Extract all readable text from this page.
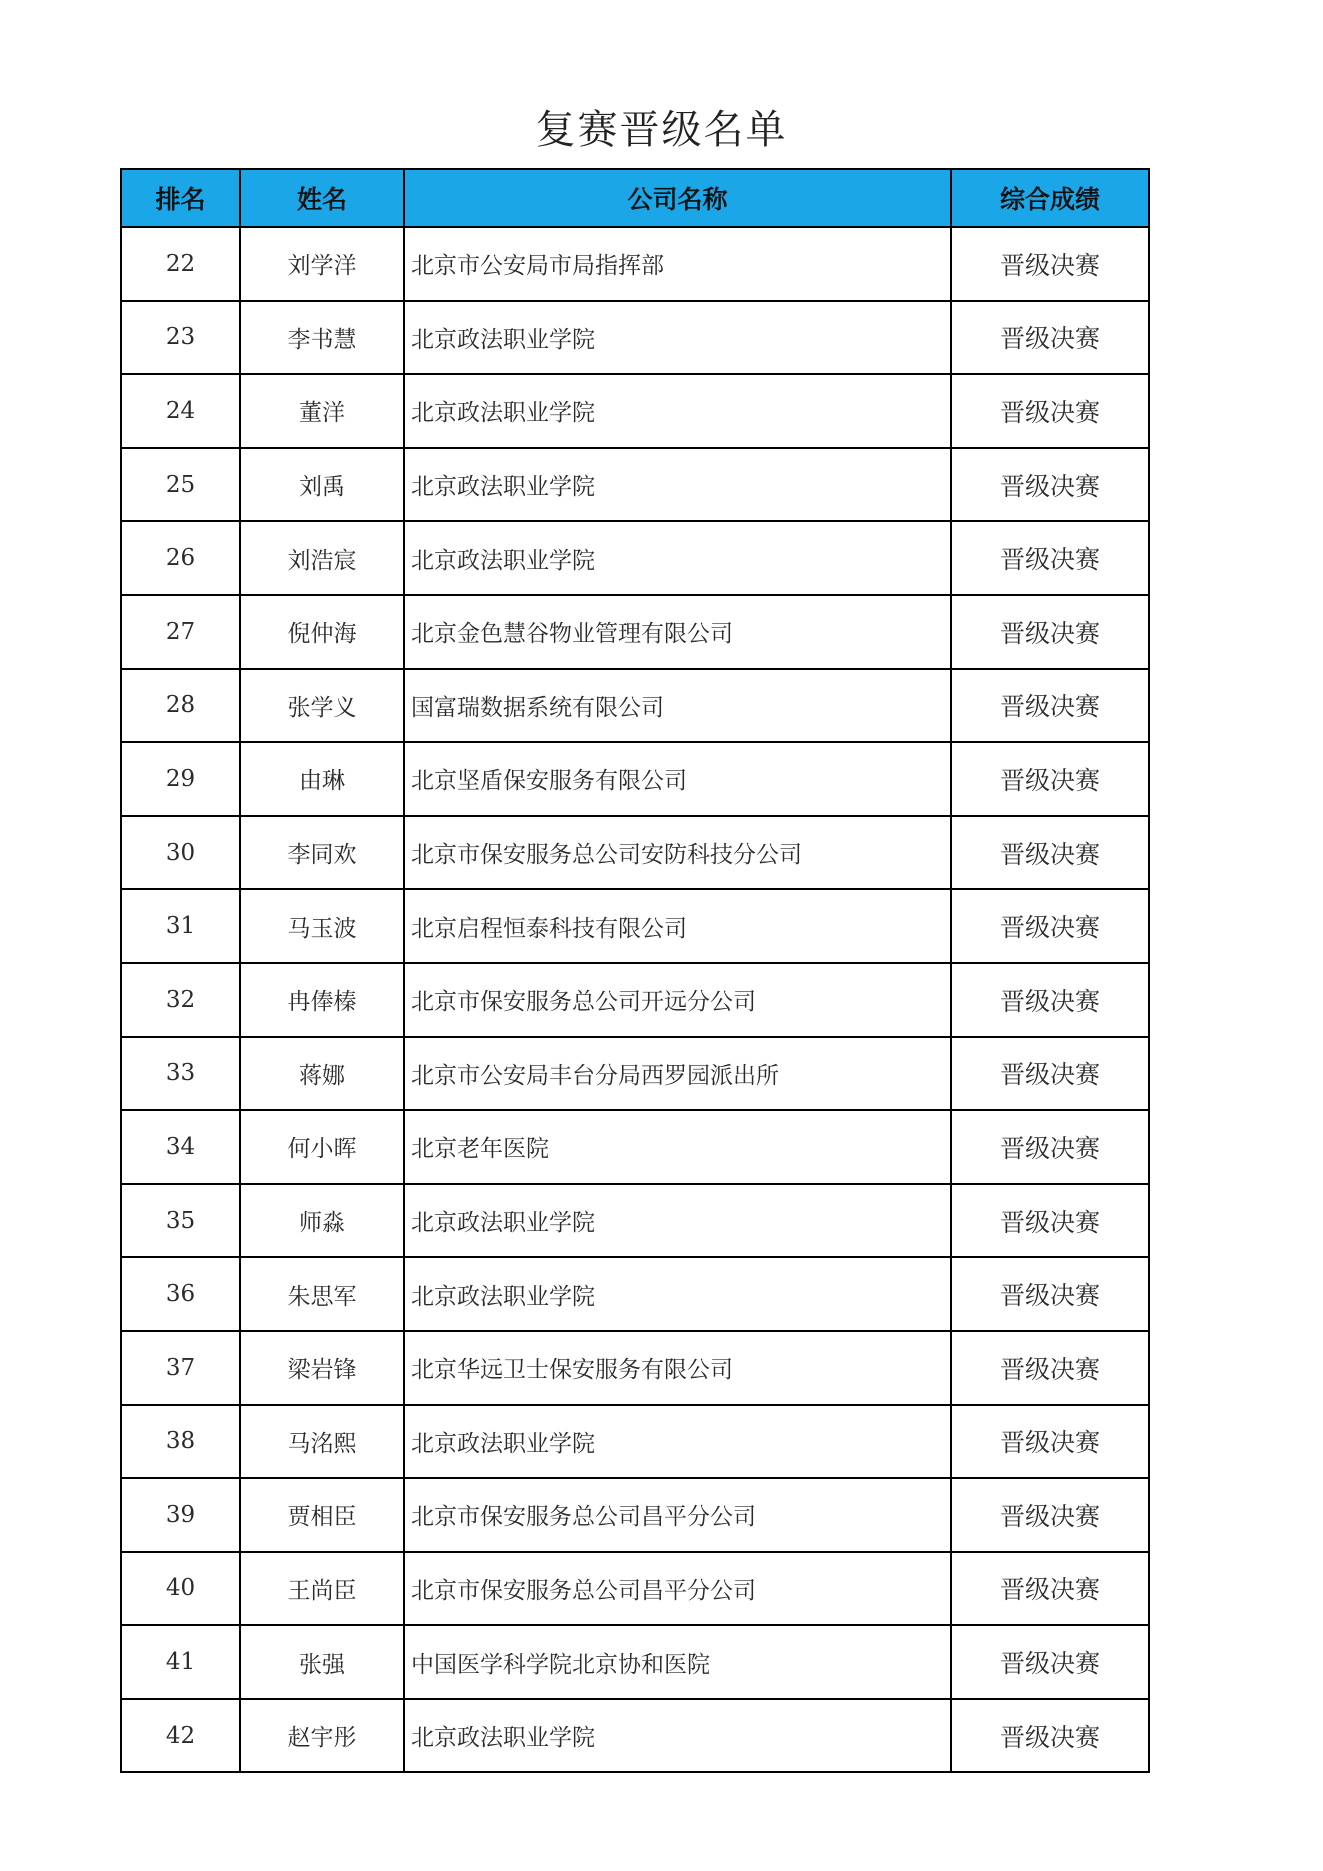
复赛晋级名单
排名	姓名	公司名称	综合成绩
22	刘学洋	北京市公安局市局指挥部	晋级决赛
23	李书慧	北京政法职业学院	晋级决赛
24	董洋	北京政法职业学院	晋级决赛
25	刘禹	北京政法职业学院	晋级决赛
26	刘浩宸	北京政法职业学院	晋级决赛
27	倪仲海	北京金色慧谷物业管理有限公司	晋级决赛
28	张学义	国富瑞数据系统有限公司	晋级决赛
29	由琳	北京坚盾保安服务有限公司	晋级决赛
30	李同欢	北京市保安服务总公司安防科技分公司	晋级决赛
31	马玉波	北京启程恒泰科技有限公司	晋级决赛
32	冉俸榛	北京市保安服务总公司开远分公司	晋级决赛
33	蒋娜	北京市公安局丰台分局西罗园派出所	晋级决赛
34	何小晖	北京老年医院	晋级决赛
35	师淼	北京政法职业学院	晋级决赛
36	朱思军	北京政法职业学院	晋级决赛
37	梁岩锋	北京华远卫士保安服务有限公司	晋级决赛
38	马洺熙	北京政法职业学院	晋级决赛
39	贾相臣	北京市保安服务总公司昌平分公司	晋级决赛
40	王尚臣	北京市保安服务总公司昌平分公司	晋级决赛
41	张强	中国医学科学院北京协和医院	晋级决赛
42	赵宇彤	北京政法职业学院	晋级决赛
